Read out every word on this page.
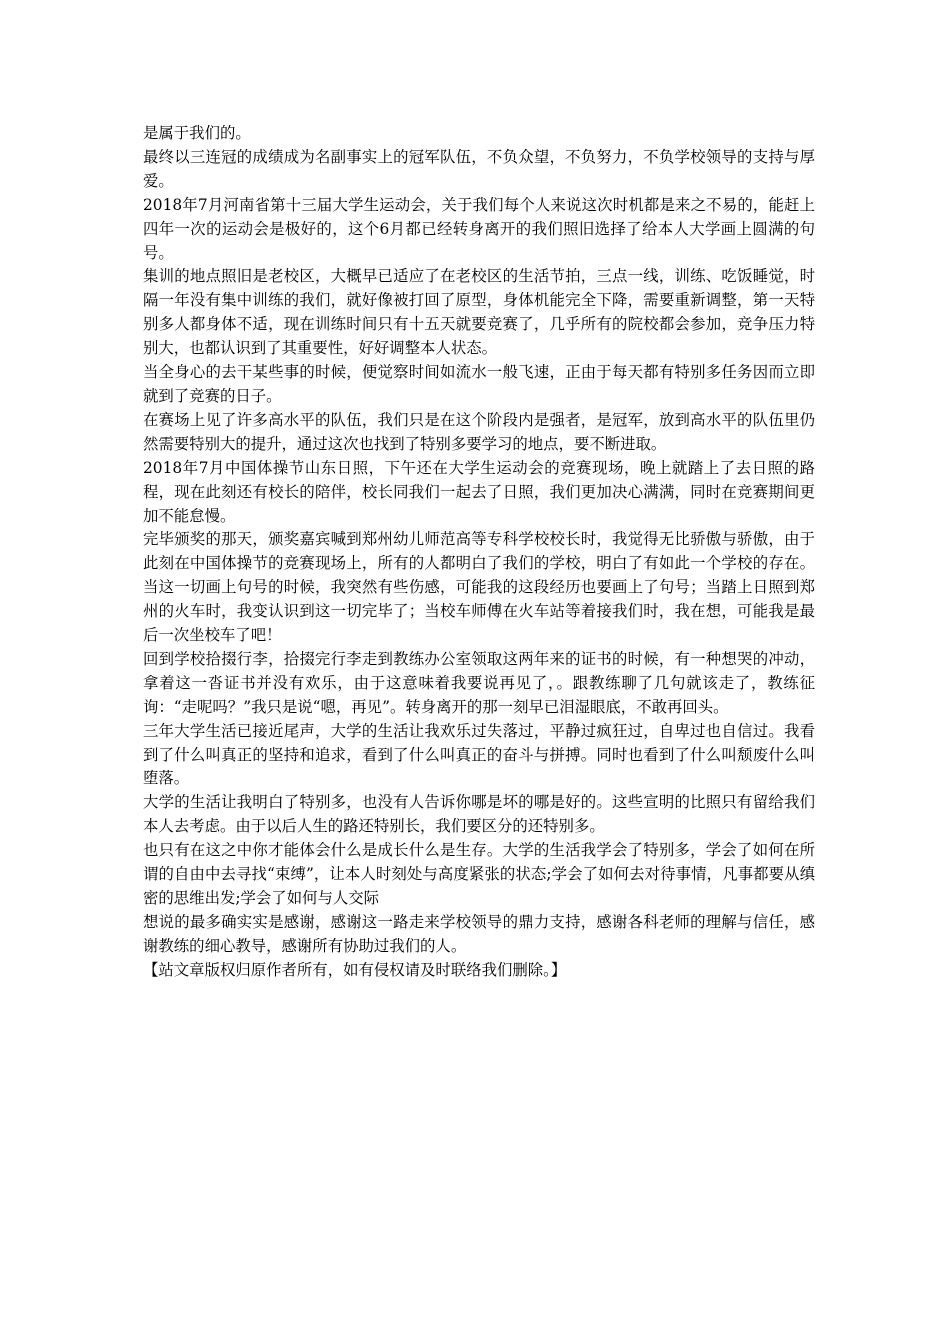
是属于我们的。

最终以三连冠的成绩成为名副事实上的冠军队伍，不负众望，不负努力，不负学校领导的支持与厚爱。

2018年7月河南省第十三届大学生运动会，关于我们每个人来说这次时机都是来之不易的，能赶上四年一次的运动会是极好的，这个6月都已经转身离开的我们照旧选择了给本人大学画上圆满的句号。

集训的地点照旧是老校区，大概早已适应了在老校区的生活节拍，三点一线，训练、吃饭睡觉，时隔一年没有集中训练的我们，就好像被打回了原型，身体机能完全下降，需要重新调整，第一天特别多人都身体不适，现在训练时间只有十五天就要竞赛了，几乎所有的院校都会参加，竞争压力特别大，也都认识到了其重要性，好好调整本人状态。

当全身心的去干某些事的时候，便觉察时间如流水一般飞速，正由于每天都有特别多任务因而立即就到了竞赛的日子。

在赛场上见了许多高水平的队伍，我们只是在这个阶段内是强者，是冠军，放到高水平的队伍里仍然需要特别大的提升，通过这次也找到了特别多要学习的地点，要不断进取。

2018年7月中国体操节山东日照，下午还在大学生运动会的竞赛现场，晚上就踏上了去日照的路程，现在此刻还有校长的陪伴，校长同我们一起去了日照，我们更加决心满满，同时在竞赛期间更加不能怠慢。

完毕颁奖的那天，颁奖嘉宾喊到郑州幼儿师范高等专科学校校长时，我觉得无比骄傲与骄傲，由于此刻在中国体操节的竞赛现场上，所有的人都明白了我们的学校，明白了有如此一个学校的存在。当这一切画上句号的时候，我突然有些伤感，可能我的这段经历也要画上了句号；当踏上日照到郑州的火车时，我变认识到这一切完毕了；当校车师傅在火车站等着接我们时，我在想，可能我是最后一次坐校车了吧！

回到学校拾掇行李，拾掇完行李走到教练办公室领取这两年来的证书的时候，有一种想哭的冲动，拿着这一沓证书并没有欢乐，由于这意味着我要说再见了，。跟教练聊了几句就该走了，教练征询：“走呢吗？”我只是说“嗯，再见”。转身离开的那一刻早已泪湿眼底，不敢再回头。

三年大学生活已接近尾声，大学的生活让我欢乐过失落过，平静过疯狂过，自卑过也自信过。我看到了什么叫真正的坚持和追求，看到了什么叫真正的奋斗与拼搏。同时也看到了什么叫颓废什么叫堕落。

大学的生活让我明白了特别多，也没有人告诉你哪是坏的哪是好的。这些宣明的比照只有留给我们本人去考虑。由于以后人生的路还特别长，我们要区分的还特别多。

也只有在这之中你才能体会什么是成长什么是生存。大学的生活我学会了特别多，学会了如何在所谓的自由中去寻找“束缚”，让本人时刻处与高度紧张的状态;学会了如何去对待事情，凡事都要从缜密的思维出发;学会了如何与人交际

想说的最多确实实是感谢，感谢这一路走来学校领导的鼎力支持，感谢各科老师的理解与信任，感谢教练的细心教导，感谢所有协助过我们的人。

【站文章版权归原作者所有，如有侵权请及时联络我们删除。】
